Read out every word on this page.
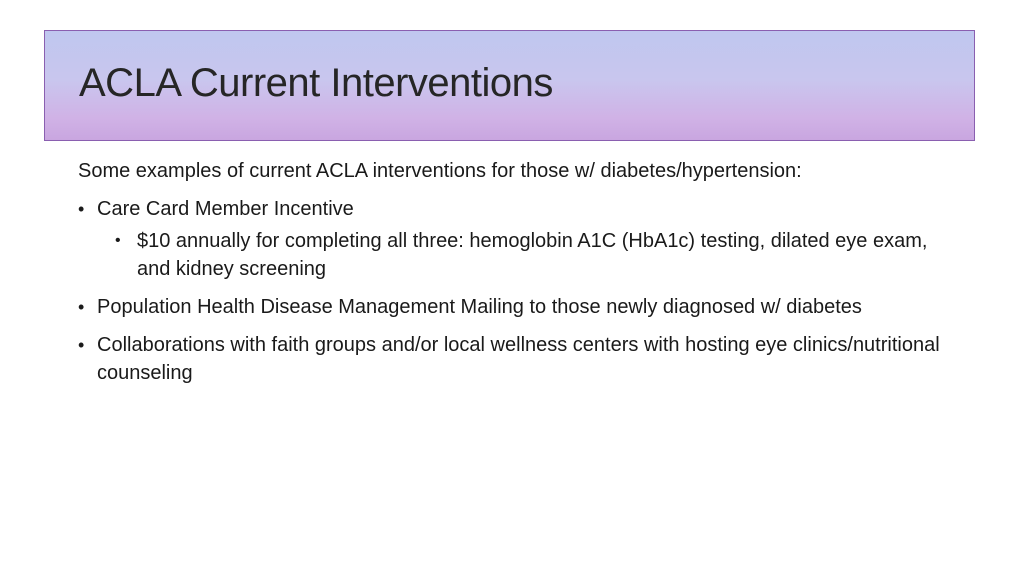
ACLA Current Interventions

Some examples of current ACLA interventions for those w/ diabetes/hypertension:

• Care Card Member Incentive
• $10 annually for completing all three: hemoglobin A1C (HbA1c) testing, dilated eye exam, and kidney screening
• Population Health Disease Management Mailing to those newly diagnosed w/ diabetes
• Collaborations with faith groups and/or local wellness centers with hosting eye clinics/nutritional counseling
